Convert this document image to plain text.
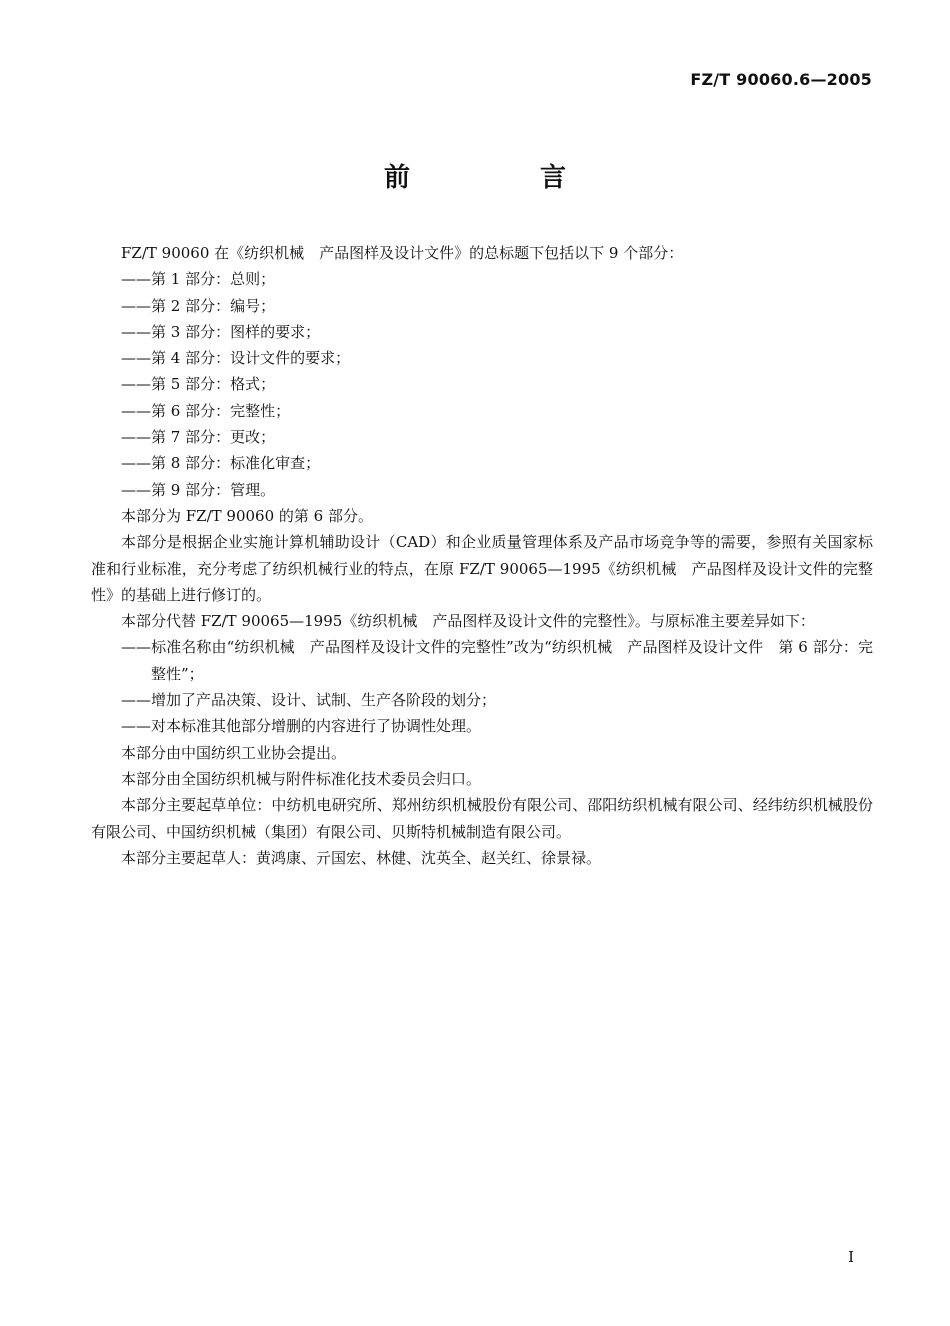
FZ/T 90060.6—2005
前　言

FZ/T 90060 在《纺织机械　产品图样及设计文件》的总标题下包括以下 9 个部分：

——第 1 部分：总则；

——第 2 部分：编号；

——第 3 部分：图样的要求；

——第 4 部分：设计文件的要求；

——第 5 部分：格式；

——第 6 部分：完整性；

——第 7 部分：更改；

——第 8 部分：标准化审查；

——第 9 部分：管理。

本部分为 FZ/T 90060 的第 6 部分。

本部分是根据企业实施计算机辅助设计（CAD）和企业质量管理体系及产品市场竞争等的需要，参照有关国家标准和行业标准，充分考虑了纺织机械行业的特点，在原 FZ/T 90065—1995《纺织机械　产品图样及设计文件的完整性》的基础上进行修订的。

本部分代替 FZ/T 90065—1995《纺织机械　产品图样及设计文件的完整性》。与原标准主要差异如下：

——标准名称由“纺织机械　产品图样及设计文件的完整性”改为“纺织机械　产品图样及设计文件　第 6 部分：完整性”；

——增加了产品决策、设计、试制、生产各阶段的划分；

——对本标准其他部分增删的内容进行了协调性处理。

本部分由中国纺织工业协会提出。

本部分由全国纺织机械与附件标准化技术委员会归口。

本部分主要起草单位：中纺机电研究所、郑州纺织机械股份有限公司、邵阳纺织机械有限公司、经纬纺织机械股份有限公司、中国纺织机械（集团）有限公司、贝斯特机械制造有限公司。

本部分主要起草人：黄鸿康、亓国宏、林健、沈英全、赵关红、徐景禄。

I
